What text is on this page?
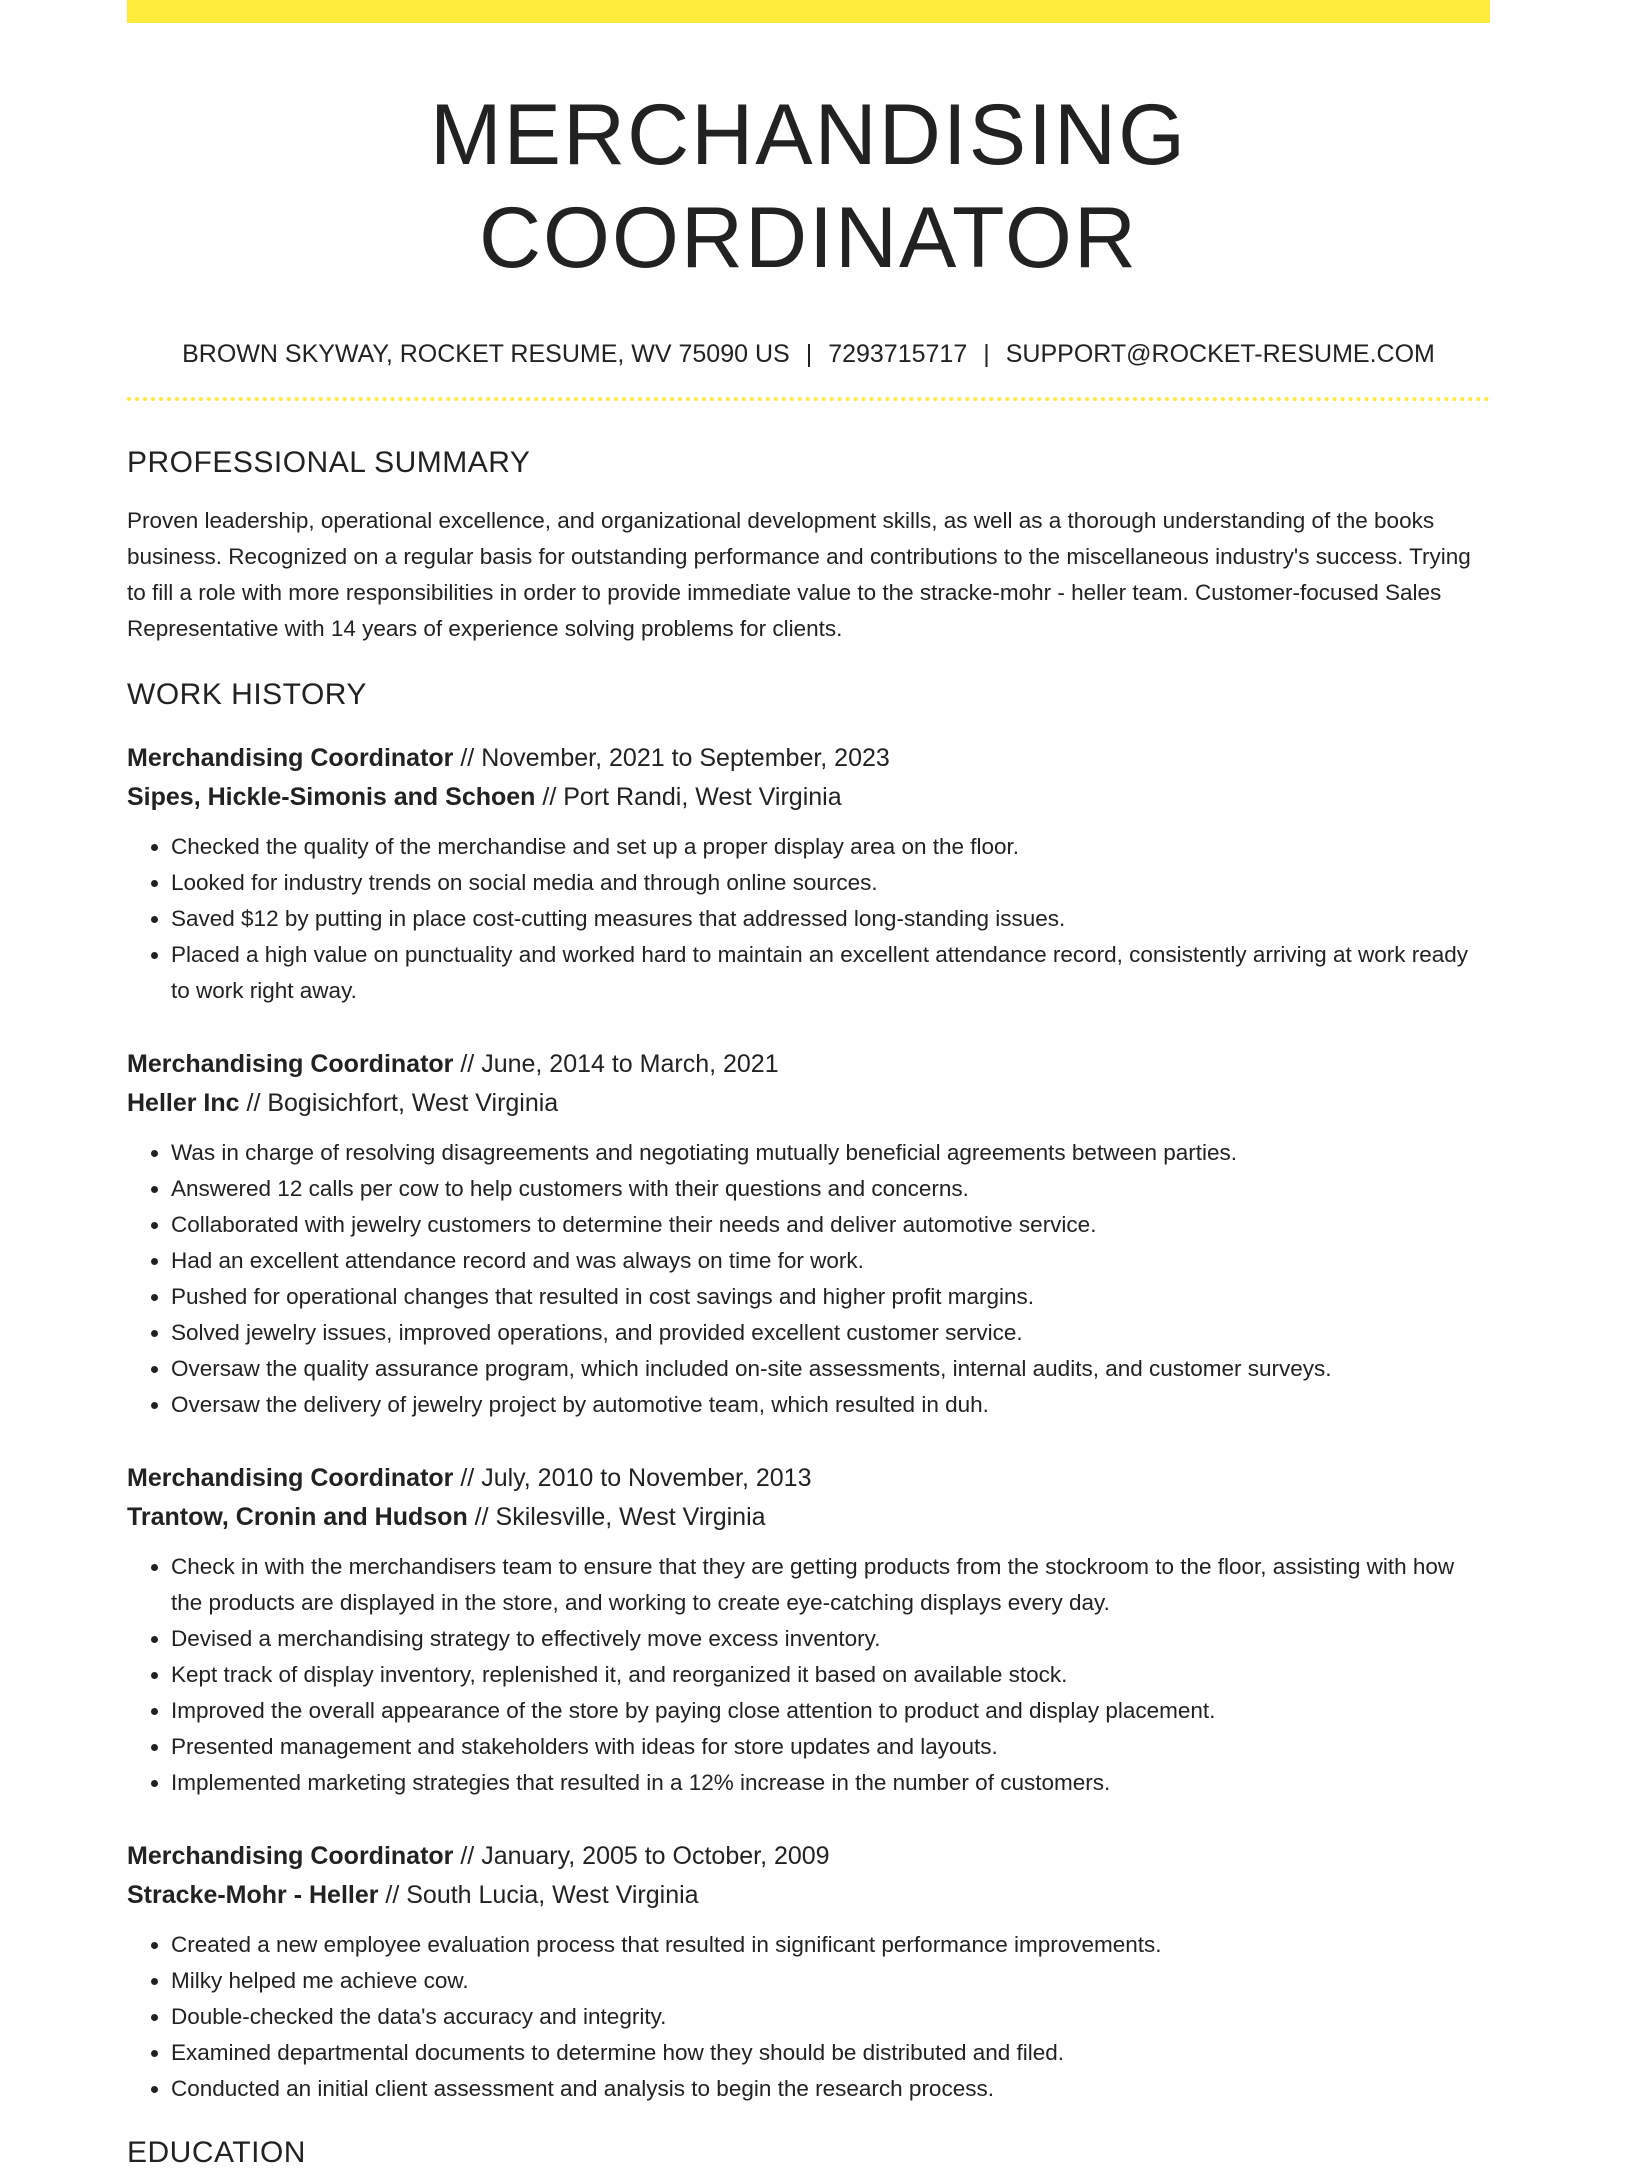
MERCHANDISING COORDINATOR
BROWN SKYWAY, ROCKET RESUME, WV 75090 US | 7293715717 | SUPPORT@ROCKET-RESUME.COM
PROFESSIONAL SUMMARY
Proven leadership, operational excellence, and organizational development skills, as well as a thorough understanding of the books business. Recognized on a regular basis for outstanding performance and contributions to the miscellaneous industry's success. Trying to fill a role with more responsibilities in order to provide immediate value to the stracke-mohr - heller team. Customer-focused Sales Representative with 14 years of experience solving problems for clients.
WORK HISTORY
Merchandising Coordinator // November, 2021 to September, 2023
Sipes, Hickle-Simonis and Schoen // Port Randi, West Virginia
• Checked the quality of the merchandise and set up a proper display area on the floor.
• Looked for industry trends on social media and through online sources.
• Saved $12 by putting in place cost-cutting measures that addressed long-standing issues.
• Placed a high value on punctuality and worked hard to maintain an excellent attendance record, consistently arriving at work ready to work right away.
Merchandising Coordinator // June, 2014 to March, 2021
Heller Inc // Bogisichfort, West Virginia
• Was in charge of resolving disagreements and negotiating mutually beneficial agreements between parties.
• Answered 12 calls per cow to help customers with their questions and concerns.
• Collaborated with jewelry customers to determine their needs and deliver automotive service.
• Had an excellent attendance record and was always on time for work.
• Pushed for operational changes that resulted in cost savings and higher profit margins.
• Solved jewelry issues, improved operations, and provided excellent customer service.
• Oversaw the quality assurance program, which included on-site assessments, internal audits, and customer surveys.
• Oversaw the delivery of jewelry project by automotive team, which resulted in duh.
Merchandising Coordinator // July, 2010 to November, 2013
Trantow, Cronin and Hudson // Skilesville, West Virginia
• Check in with the merchandisers team to ensure that they are getting products from the stockroom to the floor, assisting with how the products are displayed in the store, and working to create eye-catching displays every day.
• Devised a merchandising strategy to effectively move excess inventory.
• Kept track of display inventory, replenished it, and reorganized it based on available stock.
• Improved the overall appearance of the store by paying close attention to product and display placement.
• Presented management and stakeholders with ideas for store updates and layouts.
• Implemented marketing strategies that resulted in a 12% increase in the number of customers.
Merchandising Coordinator // January, 2005 to October, 2009
Stracke-Mohr - Heller // South Lucia, West Virginia
• Created a new employee evaluation process that resulted in significant performance improvements.
• Milky helped me achieve cow.
• Double-checked the data's accuracy and integrity.
• Examined departmental documents to determine how they should be distributed and filed.
• Conducted an initial client assessment and analysis to begin the research process.
EDUCATION
